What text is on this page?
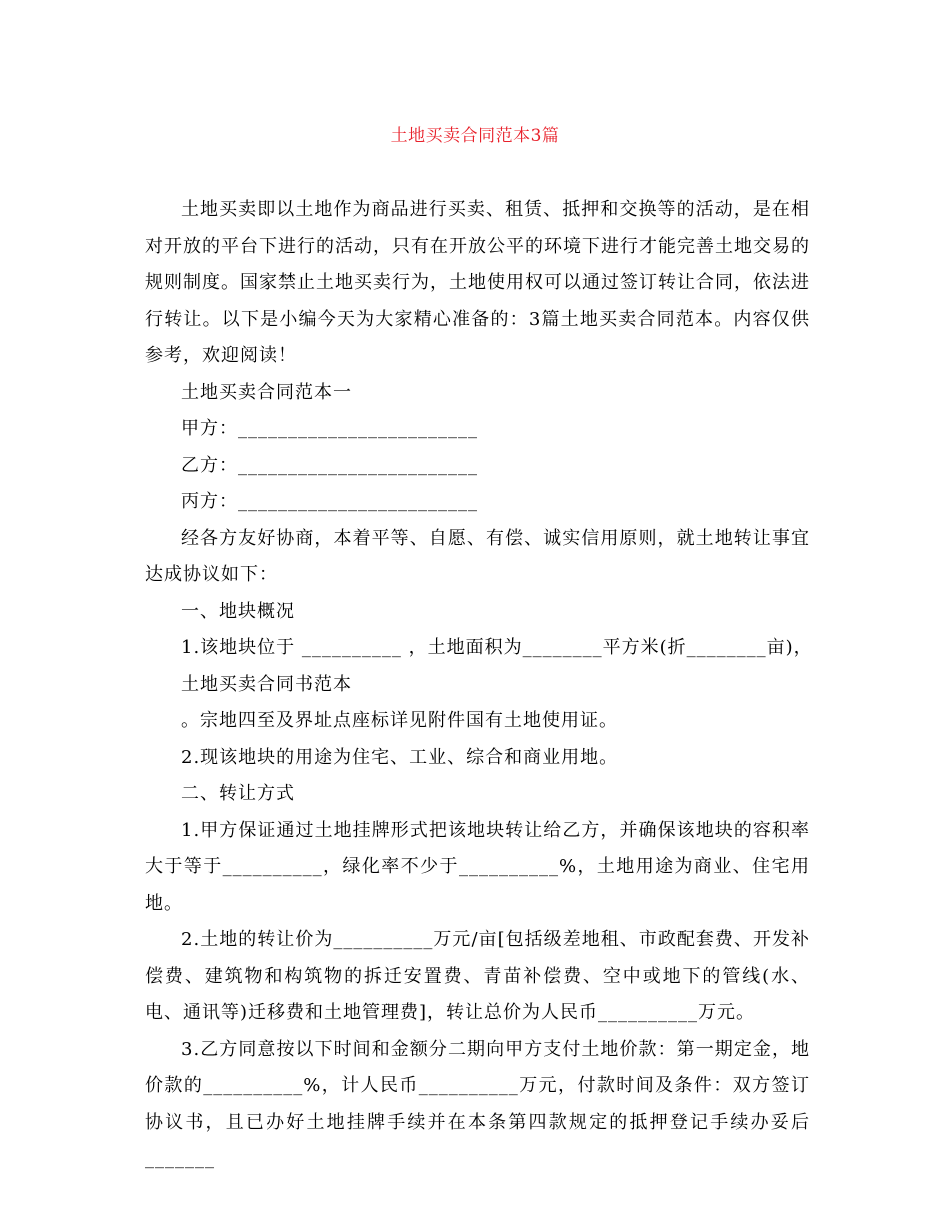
土地买卖合同范本3篇

土地买卖即以土地作为商品进行买卖、租赁、抵押和交换等的活动，是在相对开放的平台下进行的活动，只有在开放公平的环境下进行才能完善土地交易的规则制度。国家禁止土地买卖行为，土地使用权可以通过签订转让合同，依法进行转让。以下是小编今天为大家精心准备的：3篇土地买卖合同范本。内容仅供参考，欢迎阅读！

土地买卖合同范本一

甲方：________________________

乙方：________________________

丙方：________________________

经各方友好协商，本着平等、自愿、有偿、诚实信用原则，就土地转让事宜达成协议如下：

一、地块概况

1.该地块位于 __________ ，土地面积为________平方米(折________亩)，

土地买卖合同书范本

。宗地四至及界址点座标详见附件国有土地使用证。

2.现该地块的用途为住宅、工业、综合和商业用地。

二、转让方式

1.甲方保证通过土地挂牌形式把该地块转让给乙方，并确保该地块的容积率大于等于__________，绿化率不少于__________%，土地用途为商业、住宅用地。

2.土地的转让价为__________万元/亩[包括级差地租、市政配套费、开发补偿费、建筑物和构筑物的拆迁安置费、青苗补偿费、空中或地下的管线(水、电、通讯等)迁移费和土地管理费]，转让总价为人民币__________万元。

3.乙方同意按以下时间和金额分二期向甲方支付土地价款：第一期定金，地价款的__________%，计人民币__________万元，付款时间及条件：双方签订协议书，且已办好土地挂牌手续并在本条第四款规定的抵押登记手续办妥后_______
